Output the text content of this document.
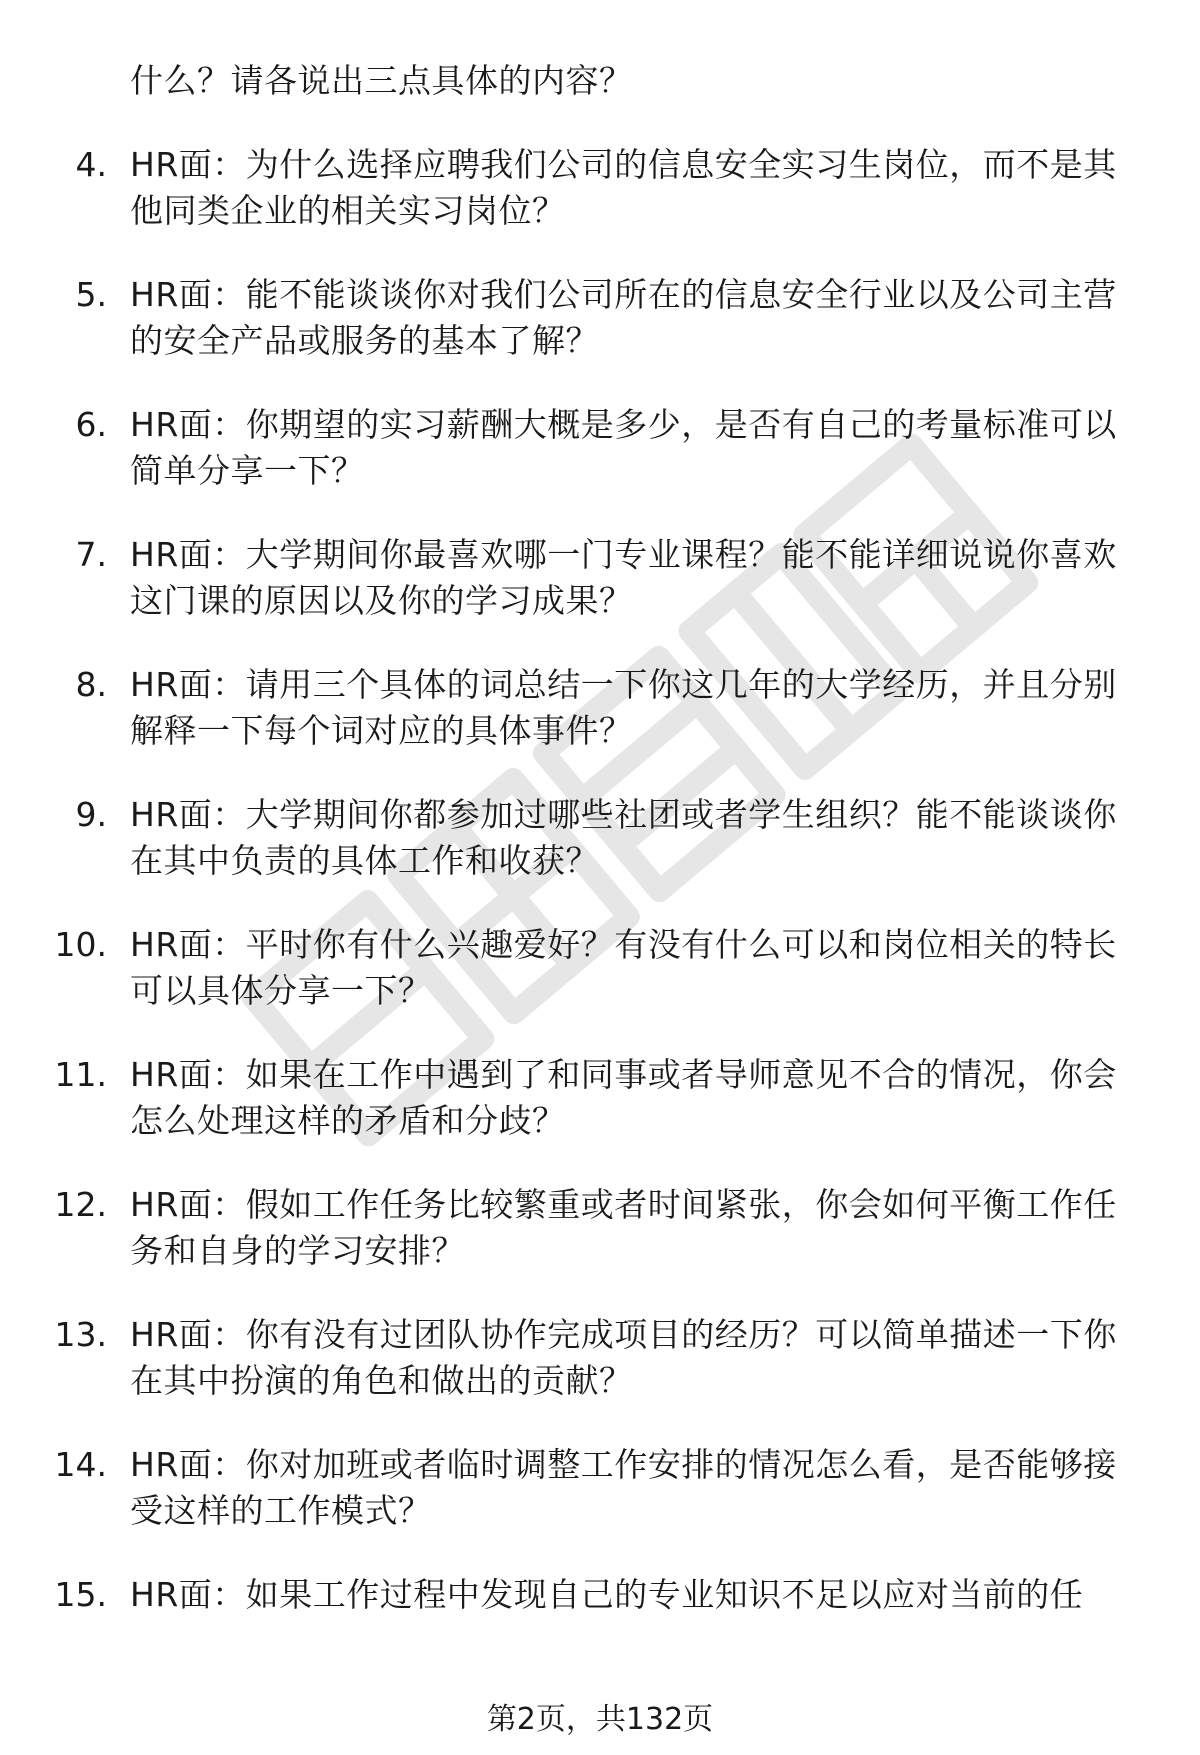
什么？请各说出三点具体的内容？
4. HR面：为什么选择应聘我们公司的信息安全实习生岗位，而不是其他同类企业的相关实习岗位？
5. HR面：能不能谈谈你对我们公司所在的信息安全行业以及公司主营的安全产品或服务的基本了解？
6. HR面：你期望的实习薪酬大概是多少，是否有自己的考量标准可以简单分享一下？
7. HR面：大学期间你最喜欢哪一门专业课程？能不能详细说说你喜欢这门课的原因以及你的学习成果？
8. HR面：请用三个具体的词总结一下你这几年的大学经历，并且分别解释一下每个词对应的具体事件？
9. HR面：大学期间你都参加过哪些社团或者学生组织？能不能谈谈你在其中负责的具体工作和收获？
10. HR面：平时你有什么兴趣爱好？有没有什么可以和岗位相关的特长可以具体分享一下？
11. HR面：如果在工作中遇到了和同事或者导师意见不合的情况，你会怎么处理这样的矛盾和分歧？
12. HR面：假如工作任务比较繁重或者时间紧张，你会如何平衡工作任务和自身的学习安排？
13. HR面：你有没有过团队协作完成项目的经历？可以简单描述一下你在其中扮演的角色和做出的贡献？
14. HR面：你对加班或者临时调整工作安排的情况怎么看，是否能够接受这样的工作模式？
15. HR面：如果工作过程中发现自己的专业知识不足以应对当前的任
第2页，共132页
